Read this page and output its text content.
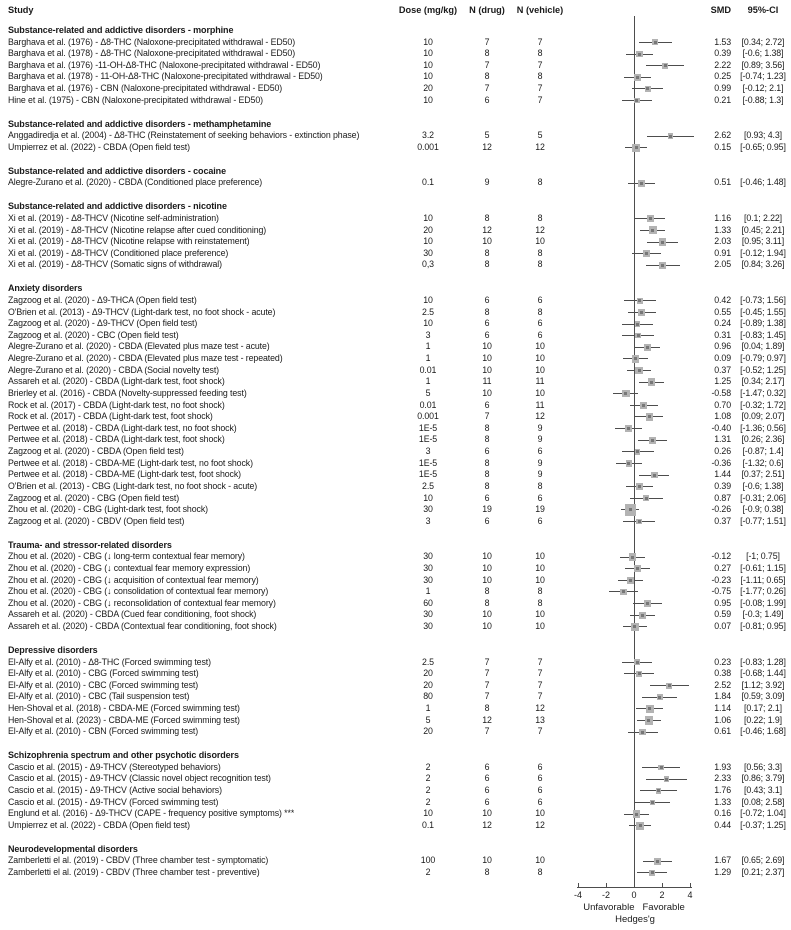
Study	Dose (mg/kg)	N (drug)	N (vehicle)	SMD	95%-CI
Substance-related and addictive disorders - morphine
Barghava et al. (1976) - Δ8-THC (Naloxone-precipitated withdrawal - ED50)	10	7	7	1.53	[0.34; 2.72]
Barghava et al. (1978) - Δ8-THC (Naloxone-precipitated withdrawal - ED50)	10	8	8	0.39	[-0.6; 1.38]
Barghava et al. (1976) -11-OH-Δ8-THC (Naloxone-precipitated withdrawal - ED50)	10	7	7	2.22	[0.89; 3.56]
Barghava et al. (1978) - 11-OH-Δ8-THC (Naloxone-precipitated withdrawal - ED50)	10	8	8	0.25	[-0.74; 1.23]
Barghava et al. (1976) - CBN (Naloxone-precipitated withdrawal - ED50)	20	7	7	0.99	[-0.12; 2.1]
Hine et al. (1975) - CBN (Naloxone-precipitated withdrawal - ED50)	10	6	7	0.21	[-0.88; 1.3]
Substance-related and addictive disorders - methamphetamine
Anggadiredja et al. (2004) - Δ8-THC (Reinstatement of seeking behaviors - extinction phase)	3.2	5	5	2.62	[0.93; 4.3]
Umpierrez et al. (2022) - CBDA (Open field test)	0.001	12	12	0.15	[-0.65; 0.95]
Substance-related and addictive disorders - cocaine
Alegre-Zurano et al. (2020) - CBDA (Conditioned place preference)	0.1	9	8	0.51	[-0.46; 1.48]
Substance-related and addictive disorders - nicotine
Xi et al. (2019) - Δ8-THCV (Nicotine self-administration)	10	8	8	1.16	[0.1; 2.22]
Xi et al. (2019) - Δ8-THCV (Nicotine relapse after cued conditioning)	20	12	12	1.33	[0.45; 2.21]
Xi et al. (2019) - Δ8-THCV (Nicotine relapse with reinstatement)	10	10	10	2.03	[0.95; 3.11]
Xi et al. (2019) - Δ8-THCV (Conditioned place preference)	30	8	8	0.91	[-0.12; 1.94]
Xi et al. (2019) - Δ8-THCV (Somatic signs of withdrawal)	0,3	8	8	2.05	[0.84; 3.26]
Anxiety disorders
Zagzoog et al. (2020) - Δ9-THCA (Open field test)	10	6	6	0.42	[-0.73; 1.56]
O'Brien et al. (2013) - Δ9-THCV (Light-dark test, no foot shock - acute)	2.5	8	8	0.55	[-0.45; 1.55]
Zagzoog et al. (2020) - Δ9-THCV (Open field test)	10	6	6	0.24	[-0.89; 1.38]
Zagzoog et al. (2020) - CBC (Open field test)	3	6	6	0.31	[-0.83; 1.45]
Alegre-Zurano et al. (2020) - CBDA (Elevated plus maze test - acute)	1	10	10	0.96	[0.04; 1.89]
Alegre-Zurano et al. (2020) - CBDA (Elevated plus maze test - repeated)	1	10	10	0.09	[-0.79; 0.97]
Alegre-Zurano et al. (2020) - CBDA (Social novelty test)	0.01	10	10	0.37	[-0.52; 1.25]
Assareh et al. (2020) - CBDA (Light-dark test, foot shock)	1	11	11	1.25	[0.34; 2.17]
Brierley et al. (2016) - CBDA (Novelty-suppressed feeding test)	5	10	10	-0.58	[-1.47; 0.32]
Rock et al. (2017) - CBDA (Light-dark test, no foot shock)	0.01	6	11	0.70	[-0.32; 1.72]
Rock et al. (2017) - CBDA (Light-dark test, foot shock)	0.001	7	12	1.08	[0.09; 2.07]
Pertwee et al. (2018) - CBDA (Light-dark test, no foot shock)	1E-5	8	9	-0.40	[-1.36; 0.56]
Pertwee et al. (2018) - CBDA (Light-dark test, foot shock)	1E-5	8	9	1.31	[0.26; 2.36]
Zagzoog et al. (2020) - CBDA (Open field test)	3	6	6	0.26	[-0.87; 1.4]
Pertwee et al. (2018) - CBDA-ME (Light-dark test, no foot shock)	1E-5	8	9	-0.36	[-1.32; 0.6]
Pertwee et al. (2018) - CBDA-ME (Light-dark test, foot shock)	1E-5	8	9	1.44	[0.37; 2.51]
O'Brien et al. (2013) - CBG (Light-dark test, no foot shock - acute)	2.5	8	8	0.39	[-0.6; 1.38]
Zagzoog et al. (2020) - CBG (Open field test)	10	6	6	0.87	[-0.31; 2.06]
Zhou et al. (2020) - CBG (Light-dark test, foot shock)	30	19	19	-0.26	[-0.9; 0.38]
Zagzoog et al. (2020) - CBDV (Open field test)	3	6	6	0.37	[-0.77; 1.51]
Trauma- and stressor-related disorders
Zhou et al. (2020) - CBG (↓ long-term contextual fear memory)	30	10	10	-0.12	[-1; 0.75]
Zhou et al. (2020) - CBG (↓ contextual fear memory expression)	30	10	10	0.27	[-0.61; 1.15]
Zhou et al. (2020) - CBG (↓ acquisition of contextual fear memory)	30	10	10	-0.23	[-1.11; 0.65]
Zhou et al. (2020) - CBG (↓ consolidation of contextual fear memory)	1	8	8	-0.75	[-1.77; 0.26]
Zhou et al. (2020) - CBG (↓ reconsolidation of contextual fear memory)	60	8	8	0.95	[-0.08; 1.99]
Assareh et al. (2020) - CBDA (Cued fear conditioning, foot shock)	30	10	10	0.59	[-0.3; 1.49]
Assareh et al. (2020) - CBDA (Contextual fear conditioning, foot shock)	30	10	10	0.07	[-0.81; 0.95]
Depressive disorders
El-Alfy et al. (2010) - Δ8-THC (Forced swimming test)	2.5	7	7	0.23	[-0.83; 1.28]
El-Alfy et al. (2010) - CBG (Forced swimming test)	20	7	7	0.38	[-0.68; 1.44]
El-Alfy et al. (2010) - CBC (Forced swimming test)	20	7	7	2.52	[1.12; 3.92]
El-Alfy et al. (2010) - CBC (Tail suspension test)	80	7	7	1.84	[0.59; 3.09]
Hen-Shoval et al. (2018) - CBDA-ME (Forced swimming test)	1	8	12	1.14	[0.17; 2.1]
Hen-Shoval et al. (2023) - CBDA-ME (Forced swimming test)	5	12	13	1.06	[0.22; 1.9]
El-Alfy et al. (2010) - CBN (Forced swimming test)	20	7	7	0.61	[-0.46; 1.68]
Schizophrenia spectrum and other psychotic disorders
Cascio et al. (2015) - Δ9-THCV (Stereotyped behaviors)	2	6	6	1.93	[0.56; 3.3]
Cascio et al. (2015) - Δ9-THCV (Classic novel object recognition test)	2	6	6	2.33	[0.86; 3.79]
Cascio et al. (2015) - Δ9-THCV (Active social behaviors)	2	6	6	1.76	[0.43; 3.1]
Cascio et al. (2015) - Δ9-THCV (Forced swimming test)	2	6	6	1.33	[0.08; 2.58]
Englund et al. (2016) - Δ9-THCV (CAPE - frequency positive symptoms) ***	10	10	10	0.16	[-0.72; 1.04]
Umpierrez et al. (2022) - CBDA (Open field test)	0.1	12	12	0.44	[-0.37; 1.25]
Neurodevelopmental disorders
Zamberletti el al. (2019) - CBDV (Three chamber test - symptomatic)	100	10	10	1.67	[0.65; 2.69]
Zamberletti el al. (2019) - CBDV (Three chamber test - preventive)	2	8	8	1.29	[0.21; 2.37]
-4	-2	0	2	4
Unfavorable Favorable
Hedges'g
